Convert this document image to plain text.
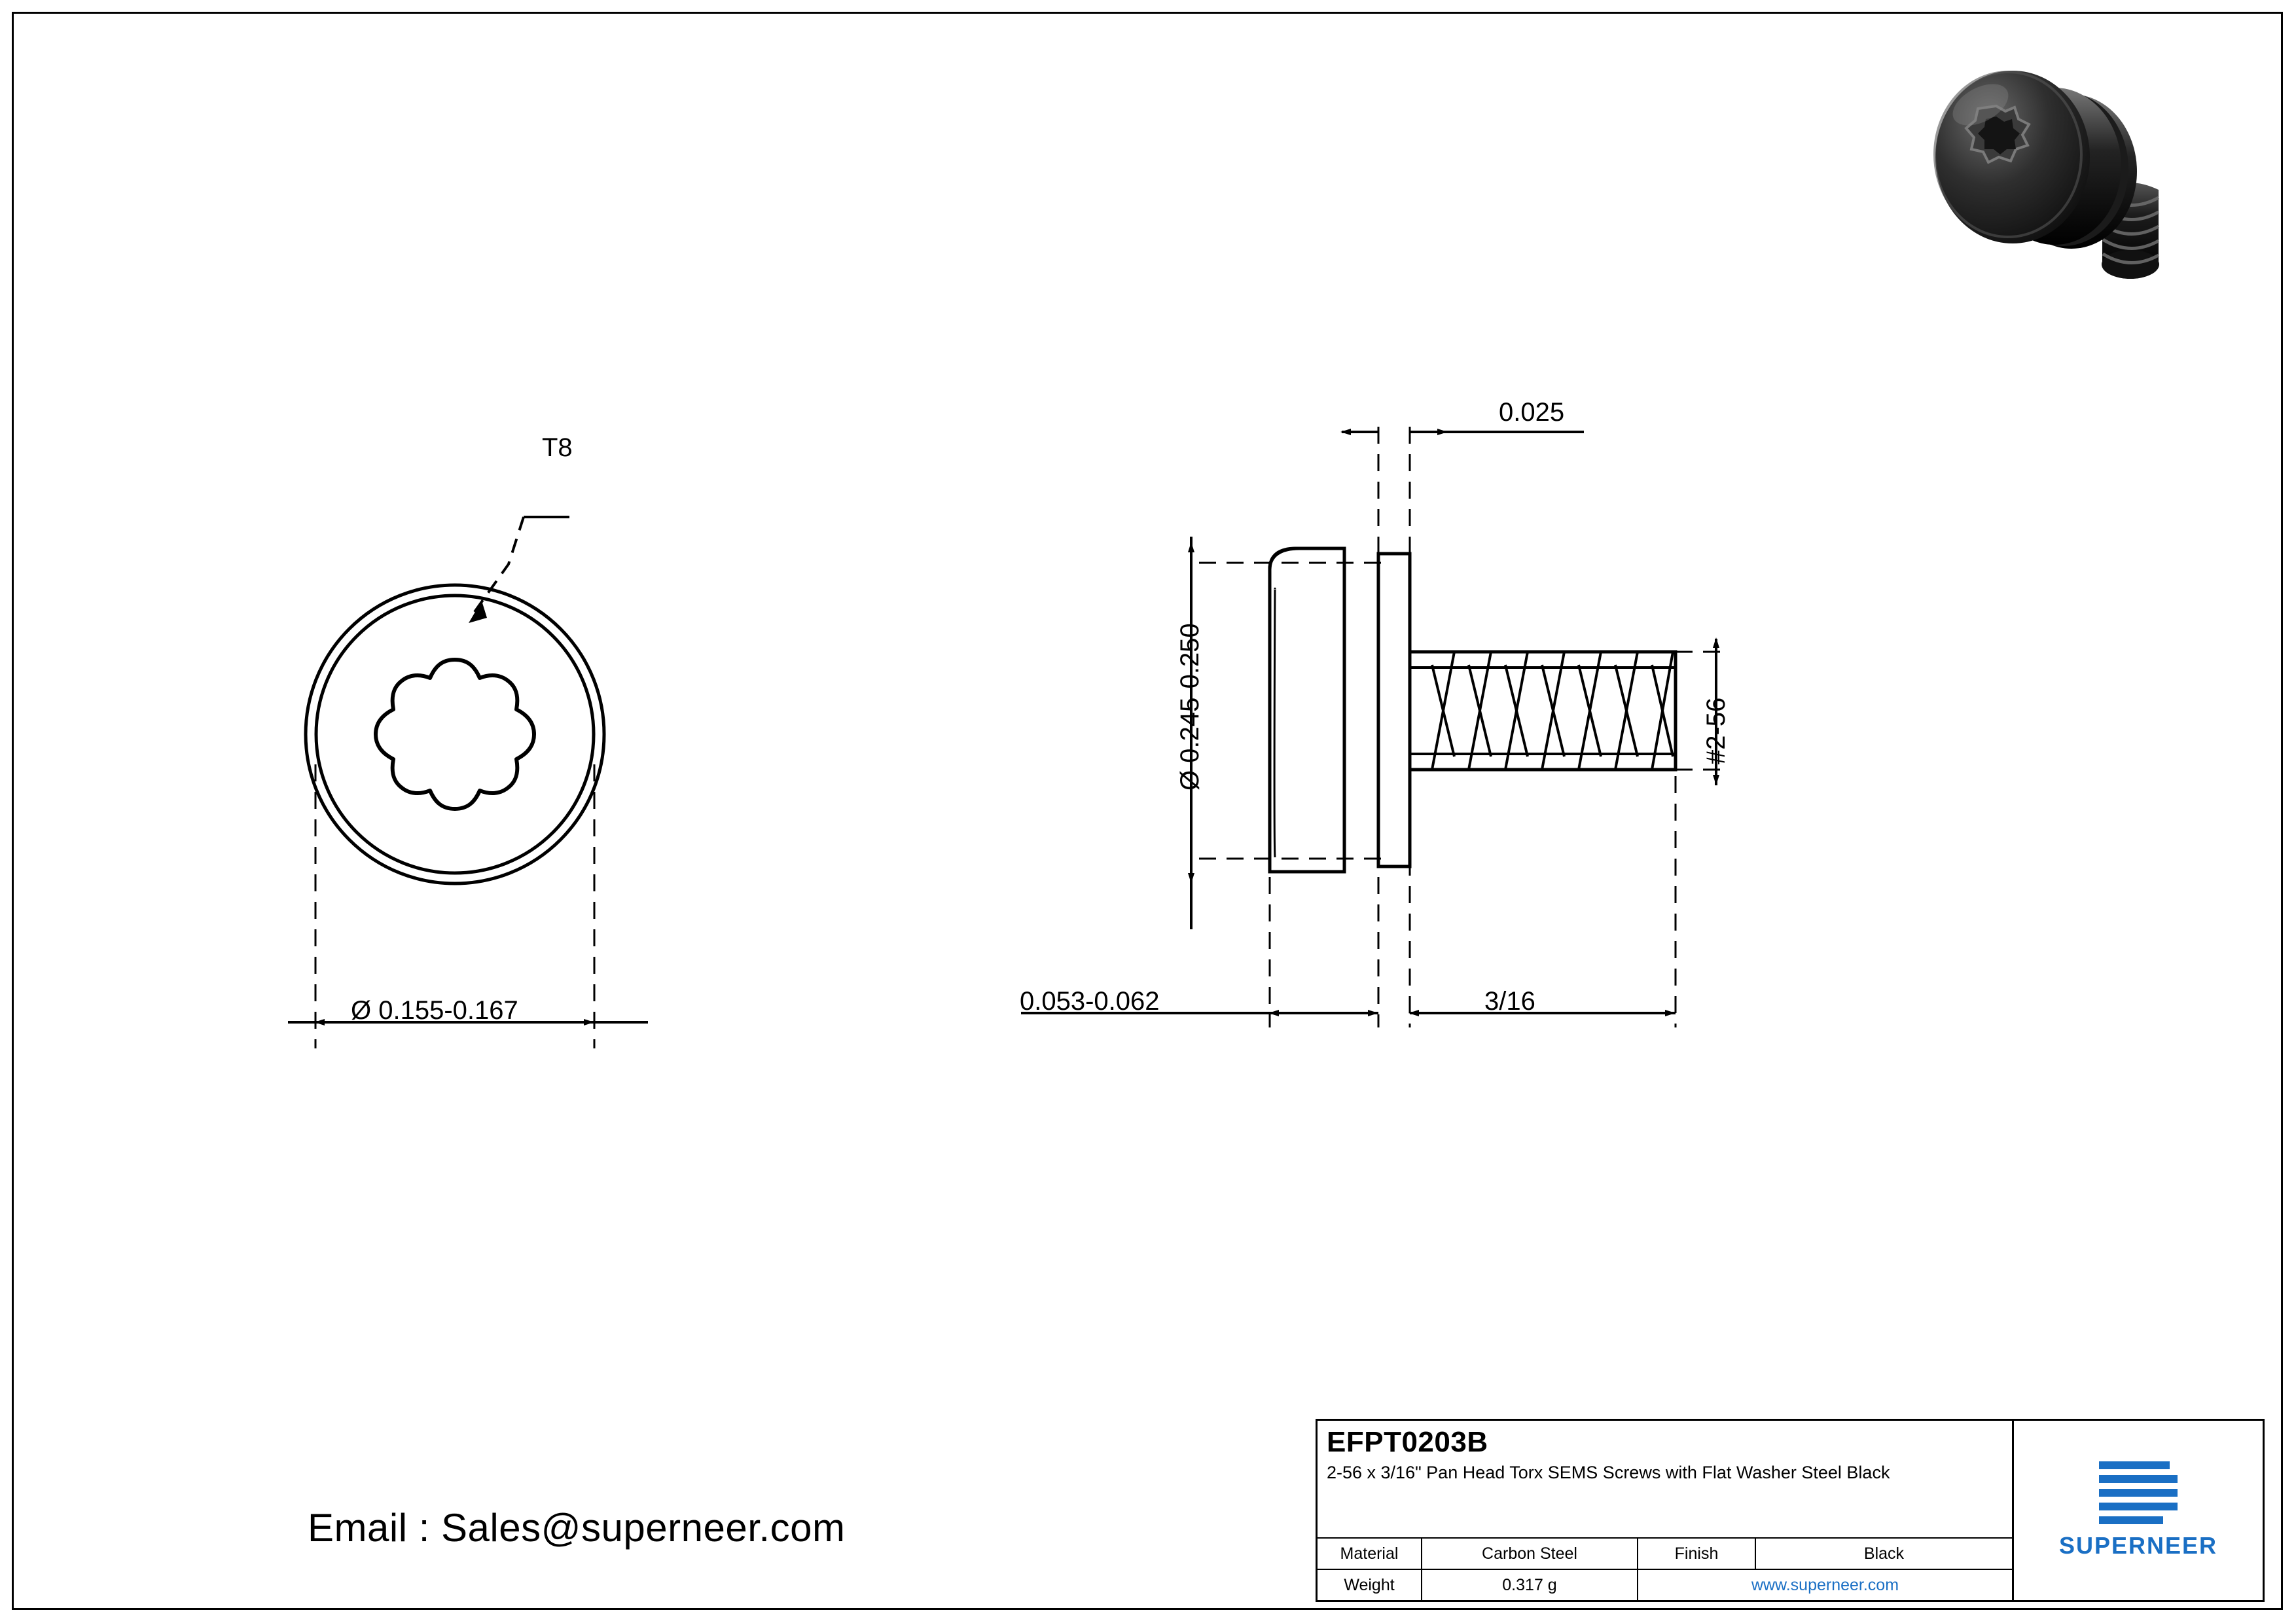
T8
Ø 0.155-0.167
0.025
Ø 0.245-0.250	#2-56
0.053-0.062	3/16
Email : Sales@superneer.com
EFPT0203B
2-56 x 3/16" Pan Head Torx SEMS Screws with Flat Washer Steel Black
Material	Carbon Steel	Finish	Black
Weight	0.317 g	www.superneer.com
SUPERNEER
